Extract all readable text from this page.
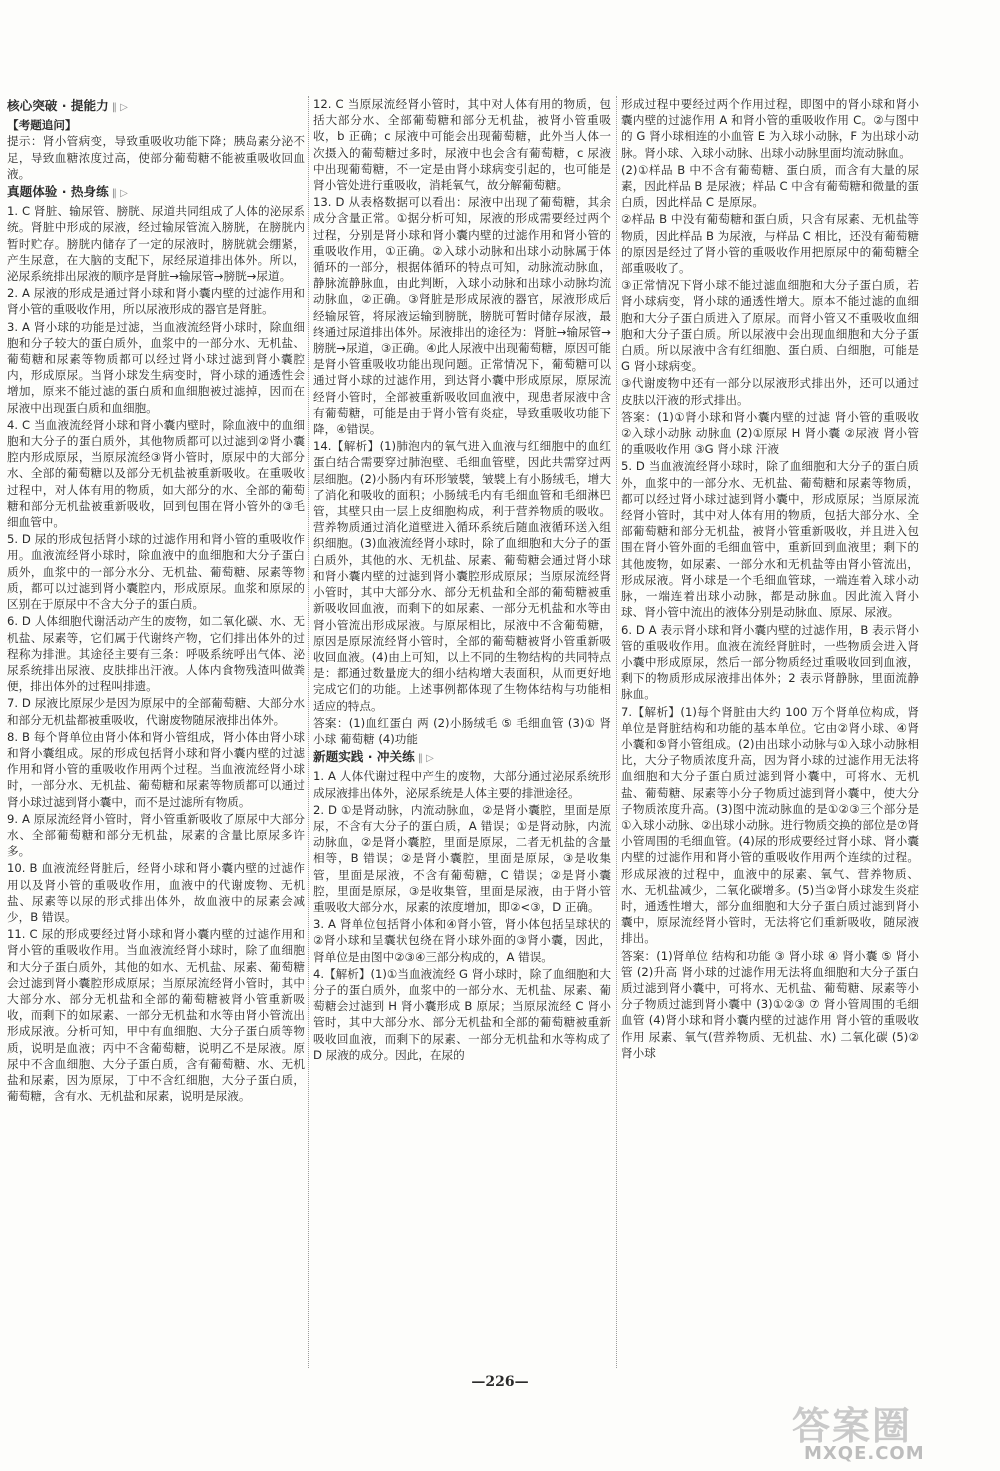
核心突破 · 提能力 ‖ ▷
【考题追问】

提示：肾小管病变，导致重吸收功能下降；胰岛素分泌不足，导致血糖浓度过高，使部分葡萄糖不能被重吸收回血液。

真题体验 · 热身练 ‖ ▷

1. C 肾脏、输尿管、膀胱、尿道共同组成了人体的泌尿系统。肾脏中形成的尿液，经过输尿管流入膀胱，在膀胱内暂时贮存。膀胱内储存了一定的尿液时，膀胱就会绷紧，产生尿意，在大脑的支配下，尿经尿道排出体外。所以，泌尿系统排出尿液的顺序是肾脏→输尿管→膀胱→尿道。

2. A 尿液的形成是通过肾小球和肾小囊内壁的过滤作用和肾小管的重吸收作用，所以尿液形成的器官是肾脏。

3. A 肾小球的功能是过滤，当血液流经肾小球时，除血细胞和分子较大的蛋白质外，血浆中的一部分水、无机盐、葡萄糖和尿素等物质都可以经过肾小球过滤到肾小囊腔内，形成原尿。当肾小球发生病变时，肾小球的通透性会增加，原来不能过滤的蛋白质和血细胞被过滤掉，因而在尿液中出现蛋白质和血细胞。

4. C 当血液流经肾小球和肾小囊内壁时，除血液中的血细胞和大分子的蛋白质外，其他物质都可以过滤到②肾小囊腔内形成原尿，当原尿流经③肾小管时，原尿中的大部分水、全部的葡萄糖以及部分无机盐被重新吸收。在重吸收过程中，对人体有用的物质，如大部分的水、全部的葡萄糖和部分无机盐被重新吸收，回到包围在肾小管外的③毛细血管中。

5. D 尿的形成包括肾小球的过滤作用和肾小管的重吸收作用。血液流经肾小球时，除血液中的血细胞和大分子蛋白质外，血浆中的一部分水分、无机盐、葡萄糖、尿素等物质，都可以过滤到肾小囊腔内，形成原尿。血浆和原尿的区别在于原尿中不含大分子的蛋白质。

6. D 人体细胞代谢活动产生的废物，如二氧化碳、水、无机盐、尿素等，它们属于代谢终产物，它们排出体外的过程称为排泄。其途径主要有三条：呼吸系统呼出气体、泌尿系统排出尿液、皮肤排出汗液。人体内食物残渣叫做粪便，排出体外的过程叫排遗。

7. D 尿液比原尿少是因为原尿中的全部葡萄糖、大部分水和部分无机盐都被重吸收，代谢废物随尿液排出体外。

8. B 每个肾单位由肾小体和肾小管组成，肾小体由肾小球和肾小囊组成。尿的形成包括肾小球和肾小囊内壁的过滤作用和肾小管的重吸收作用两个过程。当血液流经肾小球时，一部分水、无机盐、葡萄糖和尿素等物质都可以通过肾小球过滤到肾小囊中，而不是过滤所有物质。

9. A 原尿流经肾小管时，肾小管重新吸收了原尿中大部分水、全部葡萄糖和部分无机盐，尿素的含量比原尿多许多。

10. B 血液流经肾脏后，经肾小球和肾小囊内壁的过滤作用以及肾小管的重吸收作用，血液中的代谢废物、无机盐、尿素等以尿的形式排出体外，故血液中的尿素会减少，B 错误。

11. C 尿的形成要经过肾小球和肾小囊内壁的过滤作用和肾小管的重吸收作用。当血液流经肾小球时，除了血细胞和大分子蛋白质外，其他的如水、无机盐、尿素、葡萄糖会过滤到肾小囊腔形成原尿；当原尿流经肾小管时，其中大部分水、部分无机盐和全部的葡萄糖被肾小管重新吸收，而剩下的如尿素、一部分无机盐和水等由肾小管流出形成尿液。分析可知，甲中有血细胞、大分子蛋白质等物质，说明是血液；丙中不含葡萄糖，说明乙不是尿液。原尿中不含血细胞、大分子蛋白质，含有葡萄糖、水、无机盐和尿素，因为原尿，丁中不含红细胞，大分子蛋白质，葡萄糖，含有水、无机盐和尿素，说明是尿液。

12. C 当原尿流经肾小管时，其中对人体有用的物质，包括大部分水、全部葡萄糖和部分无机盐，被肾小管重吸收，b 正确；c 尿液中可能会出现葡萄糖，此外当人体一次摄入的葡萄糖过多时，尿液中也会含有葡萄糖，c 尿液中出现葡萄糖，不一定是由肾小球病变引起的，也可能是肾小管处进行重吸收，消耗氧气，故分解葡萄糖。

13. D 从表格数据可以看出：尿液中出现了葡萄糖，其余成分含量正常。①据分析可知，尿液的形成需要经过两个过程，分别是肾小球和肾小囊内壁的过滤作用和肾小管的重吸收作用，①正确。②入球小动脉和出球小动脉属于体循环的一部分，根据体循环的特点可知，动脉流动脉血，静脉流静脉血，由此判断，入球小动脉和出球小动脉均流动脉血，②正确。③肾脏是形成尿液的器官，尿液形成后经输尿管，将尿液运输到膀胱，膀胱可暂时储存尿液，最终通过尿道排出体外。尿液排出的途径为：肾脏→输尿管→膀胱→尿道，③正确。④此人尿液中出现葡萄糖，原因可能是肾小管重吸收功能出现问题。正常情况下，葡萄糖可以通过肾小球的过滤作用，到达肾小囊中形成原尿，原尿流经肾小管时，全部被重新吸收回血液中，现患者尿液中含有葡萄糖，可能是由于肾小管有炎症，导致重吸收功能下降，④错误。

14.【解析】(1)肺泡内的氧气进入血液与红细胞中的血红蛋白结合需要穿过肺泡壁、毛细血管壁，因此共需穿过两层细胞。(2)小肠内有环形皱襞，皱襞上有小肠绒毛，增大了消化和吸收的面积；小肠绒毛内有毛细血管和毛细淋巴管，其壁只由一层上皮细胞构成，利于营养物质的吸收。营养物质通过消化道壁进入循环系统后随血液循环送入组织细胞。(3)血液流经肾小球时，除了血细胞和大分子的蛋白质外，其他的水、无机盐、尿素、葡萄糖会通过肾小球和肾小囊内壁的过滤到肾小囊腔形成原尿；当原尿流经肾小管时，其中大部分水、部分无机盐和全部的葡萄糖被重新吸收回血液，而剩下的如尿素、一部分无机盐和水等由肾小管流出形成尿液。与原尿相比，尿液中不含葡萄糖，原因是原尿流经肾小管时，全部的葡萄糖被肾小管重新吸收回血液。(4)由上可知，以上不同的生物结构的共同特点是：都通过数量庞大的细小结构增大表面积，从而更好地完成它们的功能。上述事例都体现了生物体结构与功能相适应的特点。

答案：(1)血红蛋白 两 (2)小肠绒毛 ⑤ 毛细血管 (3)① 肾小球 葡萄糖 (4)功能

新题实践 · 冲关练 ‖ ▷

1. A 人体代谢过程中产生的废物，大部分通过泌尿系统形成尿液排出体外，泌尿系统是人体主要的排泄途径。

2. D ①是肾动脉，内流动脉血，②是肾小囊腔，里面是原尿，不含有大分子的蛋白质，A 错误；①是肾动脉，内流动脉血，②是肾小囊腔，里面是原尿，二者无机盐的含量相等，B 错误；②是肾小囊腔，里面是原尿，③是收集管，里面是尿液，不含有葡萄糖，C 错误；②是肾小囊腔，里面是原尿，③是收集管，里面是尿液，由于肾小管重吸收大部分水，尿素的浓度增加，即②<③，D 正确。

3. A 肾单位包括肾小体和④肾小管，肾小体包括呈球状的②肾小球和呈囊状包绕在肾小球外面的③肾小囊，因此，肾单位是由图中②③④三部分构成的，A 错误。

4.【解析】(1)①当血液流经 G 肾小球时，除了血细胞和大分子的蛋白质外，血浆中的一部分水、无机盐、尿素、葡萄糖会过滤到 H 肾小囊形成 B 原尿；当原尿流经 C 肾小管时，其中大部分水、部分无机盐和全部的葡萄糖被重新吸收回血液，而剩下的尿素、一部分无机盐和水等构成了 D 尿液的成分。因此，在尿的

形成过程中要经过两个作用过程，即图中的肾小球和肾小囊内壁的过滤作用 A 和肾小管的重吸收作用 C。②与图中的 G 肾小球相连的小血管 E 为入球小动脉，F 为出球小动脉。肾小球、入球小动脉、出球小动脉里面均流动脉血。

(2)①样品 B 中不含有葡萄糖、蛋白质，而含有大量的尿素，因此样品 B 是尿液；样品 C 中含有葡萄糖和微量的蛋白质，因此样品 C 是原尿。

②样品 B 中没有葡萄糖和蛋白质，只含有尿素、无机盐等物质，因此样品 B 为尿液，与样品 C 相比，还没有葡萄糖的原因是经过了肾小管的重吸收作用把原尿中的葡萄糖全部重吸收了。

③正常情况下肾小球不能过滤血细胞和大分子蛋白质，若肾小球病变，肾小球的通透性增大。原本不能过滤的血细胞和大分子蛋白质进入了原尿。而肾小管又不重吸收血细胞和大分子蛋白质。所以尿液中会出现血细胞和大分子蛋白质。所以尿液中含有红细胞、蛋白质、白细胞，可能是 G 肾小球病变。

③代谢废物中还有一部分以尿液形式排出外，还可以通过皮肤以汗液的形式排出。

答案：(1)①肾小球和肾小囊内壁的过滤 肾小管的重吸收 ②入球小动脉 动脉血 (2)①原尿 H 肾小囊 ②尿液 肾小管的重吸收作用 ③G 肾小球 汗液

5. D 当血液流经肾小球时，除了血细胞和大分子的蛋白质外，血浆中的一部分水、无机盐、葡萄糖和尿素等物质，都可以经过肾小球过滤到肾小囊中，形成原尿；当原尿流经肾小管时，其中对人体有用的物质，包括大部分水、全部葡萄糖和部分无机盐，被肾小管重新吸收，并且进入包围在肾小管外面的毛细血管中，重新回到血液里；剩下的其他废物，如尿素、一部分水和无机盐等由肾小管流出，形成尿液。肾小球是一个毛细血管球，一端连着入球小动脉，一端连着出球小动脉，都是动脉血。因此流入肾小球、肾小管中流出的液体分别是动脉血、原尿、尿液。

6. D A 表示肾小球和肾小囊内壁的过滤作用，B 表示肾小管的重吸收作用。血液在流经肾脏时，一些物质会进入肾小囊中形成原尿，然后一部分物质经过重吸收回到血液，剩下的物质形成尿液排出体外；2 表示肾静脉，里面流静脉血。

7.【解析】(1)每个肾脏由大约 100 万个肾单位构成，肾单位是肾脏结构和功能的基本单位。它由②肾小球、④肾小囊和⑤肾小管组成。(2)由出球小动脉与①入球小动脉相比，大分子物质浓度升高，因为肾小球的过滤作用无法将血细胞和大分子蛋白质过滤到肾小囊中，可将水、无机盐、葡萄糖、尿素等小分子物质过滤到肾小囊中，使大分子物质浓度升高。(3)图中流动脉血的是①②③三个部分是①入球小动脉、②出球小动脉。进行物质交换的部位是⑦肾小管周围的毛细血管。(4)尿的形成要经过肾小球、肾小囊内壁的过滤作用和肾小管的重吸收作用两个连续的过程。形成尿液的过程中，血液中的尿素、氧气、营养物质、水、无机盐减少，二氧化碳增多。(5)当②肾小球发生炎症时，通透性增大，部分血细胞和大分子蛋白质过滤到肾小囊中，原尿流经肾小管时，无法将它们重新吸收，随尿液排出。

答案：(1)肾单位 结构和功能 ③ 肾小球 ④ 肾小囊 ⑤ 肾小管 (2)升高 肾小球的过滤作用无法将血细胞和大分子蛋白质过滤到肾小囊中，可将水、无机盐、葡萄糖、尿素等小分子物质过滤到肾小囊中 (3)①②③ ⑦ 肾小管周围的毛细血管 (4)肾小球和肾小囊内壁的过滤作用 肾小管的重吸收作用 尿素、氧气(营养物质、无机盐、水) 二氧化碳 (5)② 肾小球

—226—
答案圈
MXQE.COM
